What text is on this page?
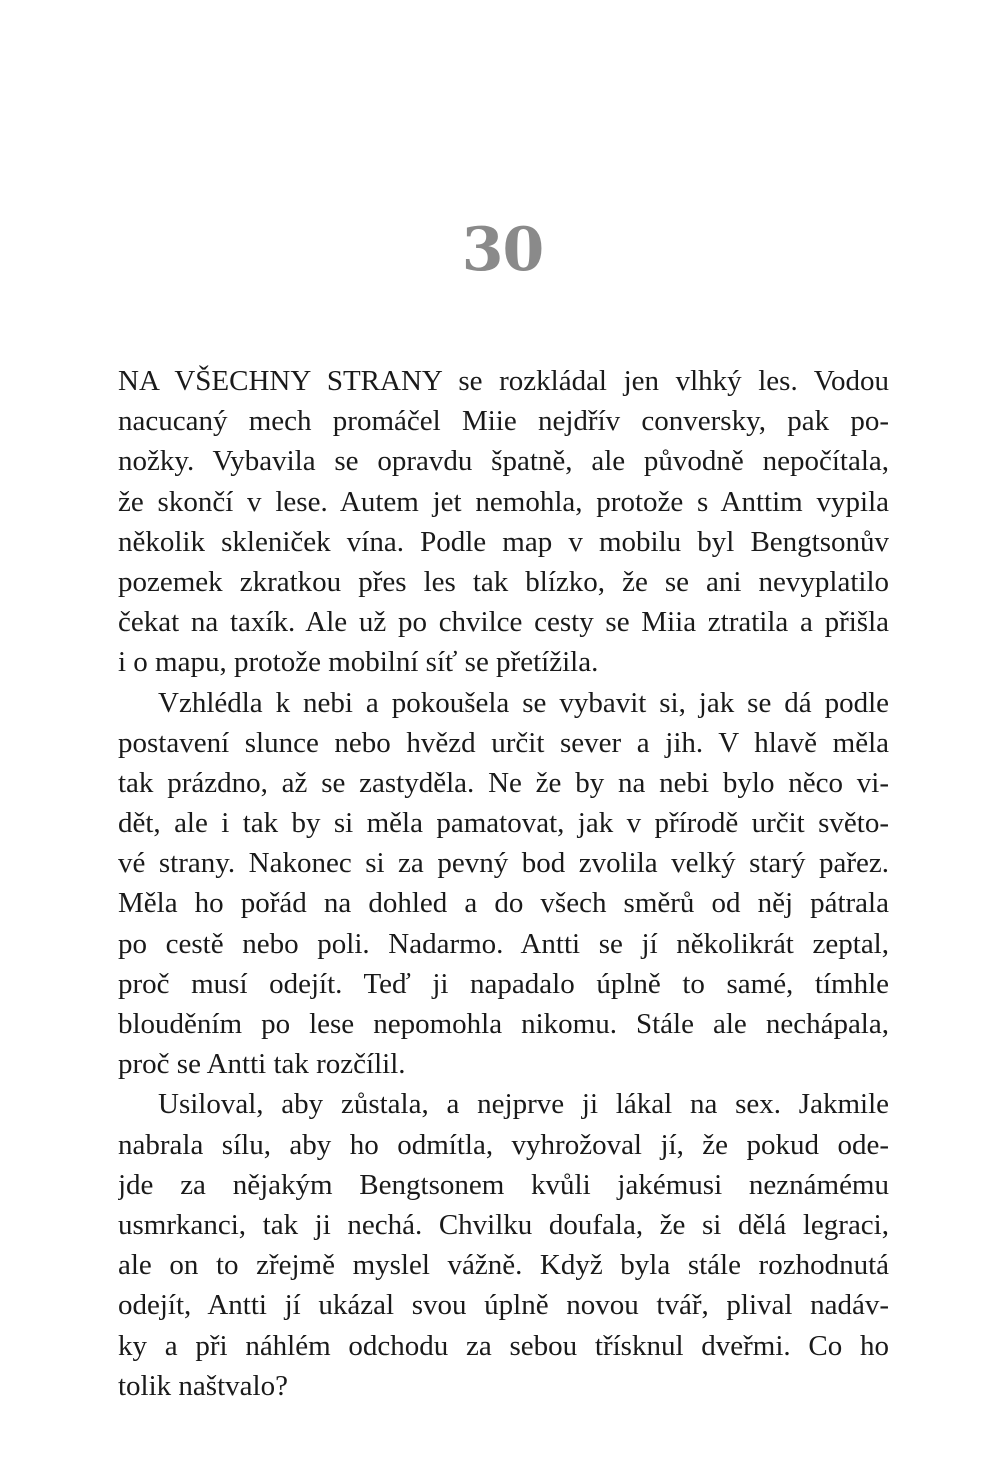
30
NA VŠECHNY STRANY se rozkládal jen vlhký les. Vodou
nacucaný mech promáčel Miie nejdřív conversky, pak po-
nožky. Vybavila se opravdu špatně, ale původně nepočítala,
že skončí v lese. Autem jet nemohla, protože s Anttim vypila
několik skleniček vína. Podle map v mobilu byl Bengtsonův
pozemek zkratkou přes les tak blízko, že se ani nevyplatilo
čekat na taxík. Ale už po chvilce cesty se Miia ztratila a přišla
i o mapu, protože mobilní síť se přetížila.
Vzhlédla k nebi a pokoušela se vybavit si, jak se dá podle
postavení slunce nebo hvězd určit sever a jih. V hlavě měla
tak prázdno, až se zastyděla. Ne že by na nebi bylo něco vi-
dět, ale i tak by si měla pamatovat, jak v přírodě určit světo-
vé strany. Nakonec si za pevný bod zvolila velký starý pařez.
Měla ho pořád na dohled a do všech směrů od něj pátrala
po cestě nebo poli. Nadarmo. Antti se jí několikrát zeptal,
proč musí odejít. Teď ji napadalo úplně to samé, tímhle
blouděním po lese nepomohla nikomu. Stále ale nechápala,
proč se Antti tak rozčílil.
Usiloval, aby zůstala, a nejprve ji lákal na sex. Jakmile
nabrala sílu, aby ho odmítla, vyhrožoval jí, že pokud ode-
jde za nějakým Bengtsonem kvůli jakémusi neznámému
usmrkanci, tak ji nechá. Chvilku doufala, že si dělá legraci,
ale on to zřejmě myslel vážně. Když byla stále rozhodnutá
odejít, Antti jí ukázal svou úplně novou tvář, plival nadáv-
ky a při náhlém odchodu za sebou třísknul dveřmi. Co ho
tolik naštvalo?
